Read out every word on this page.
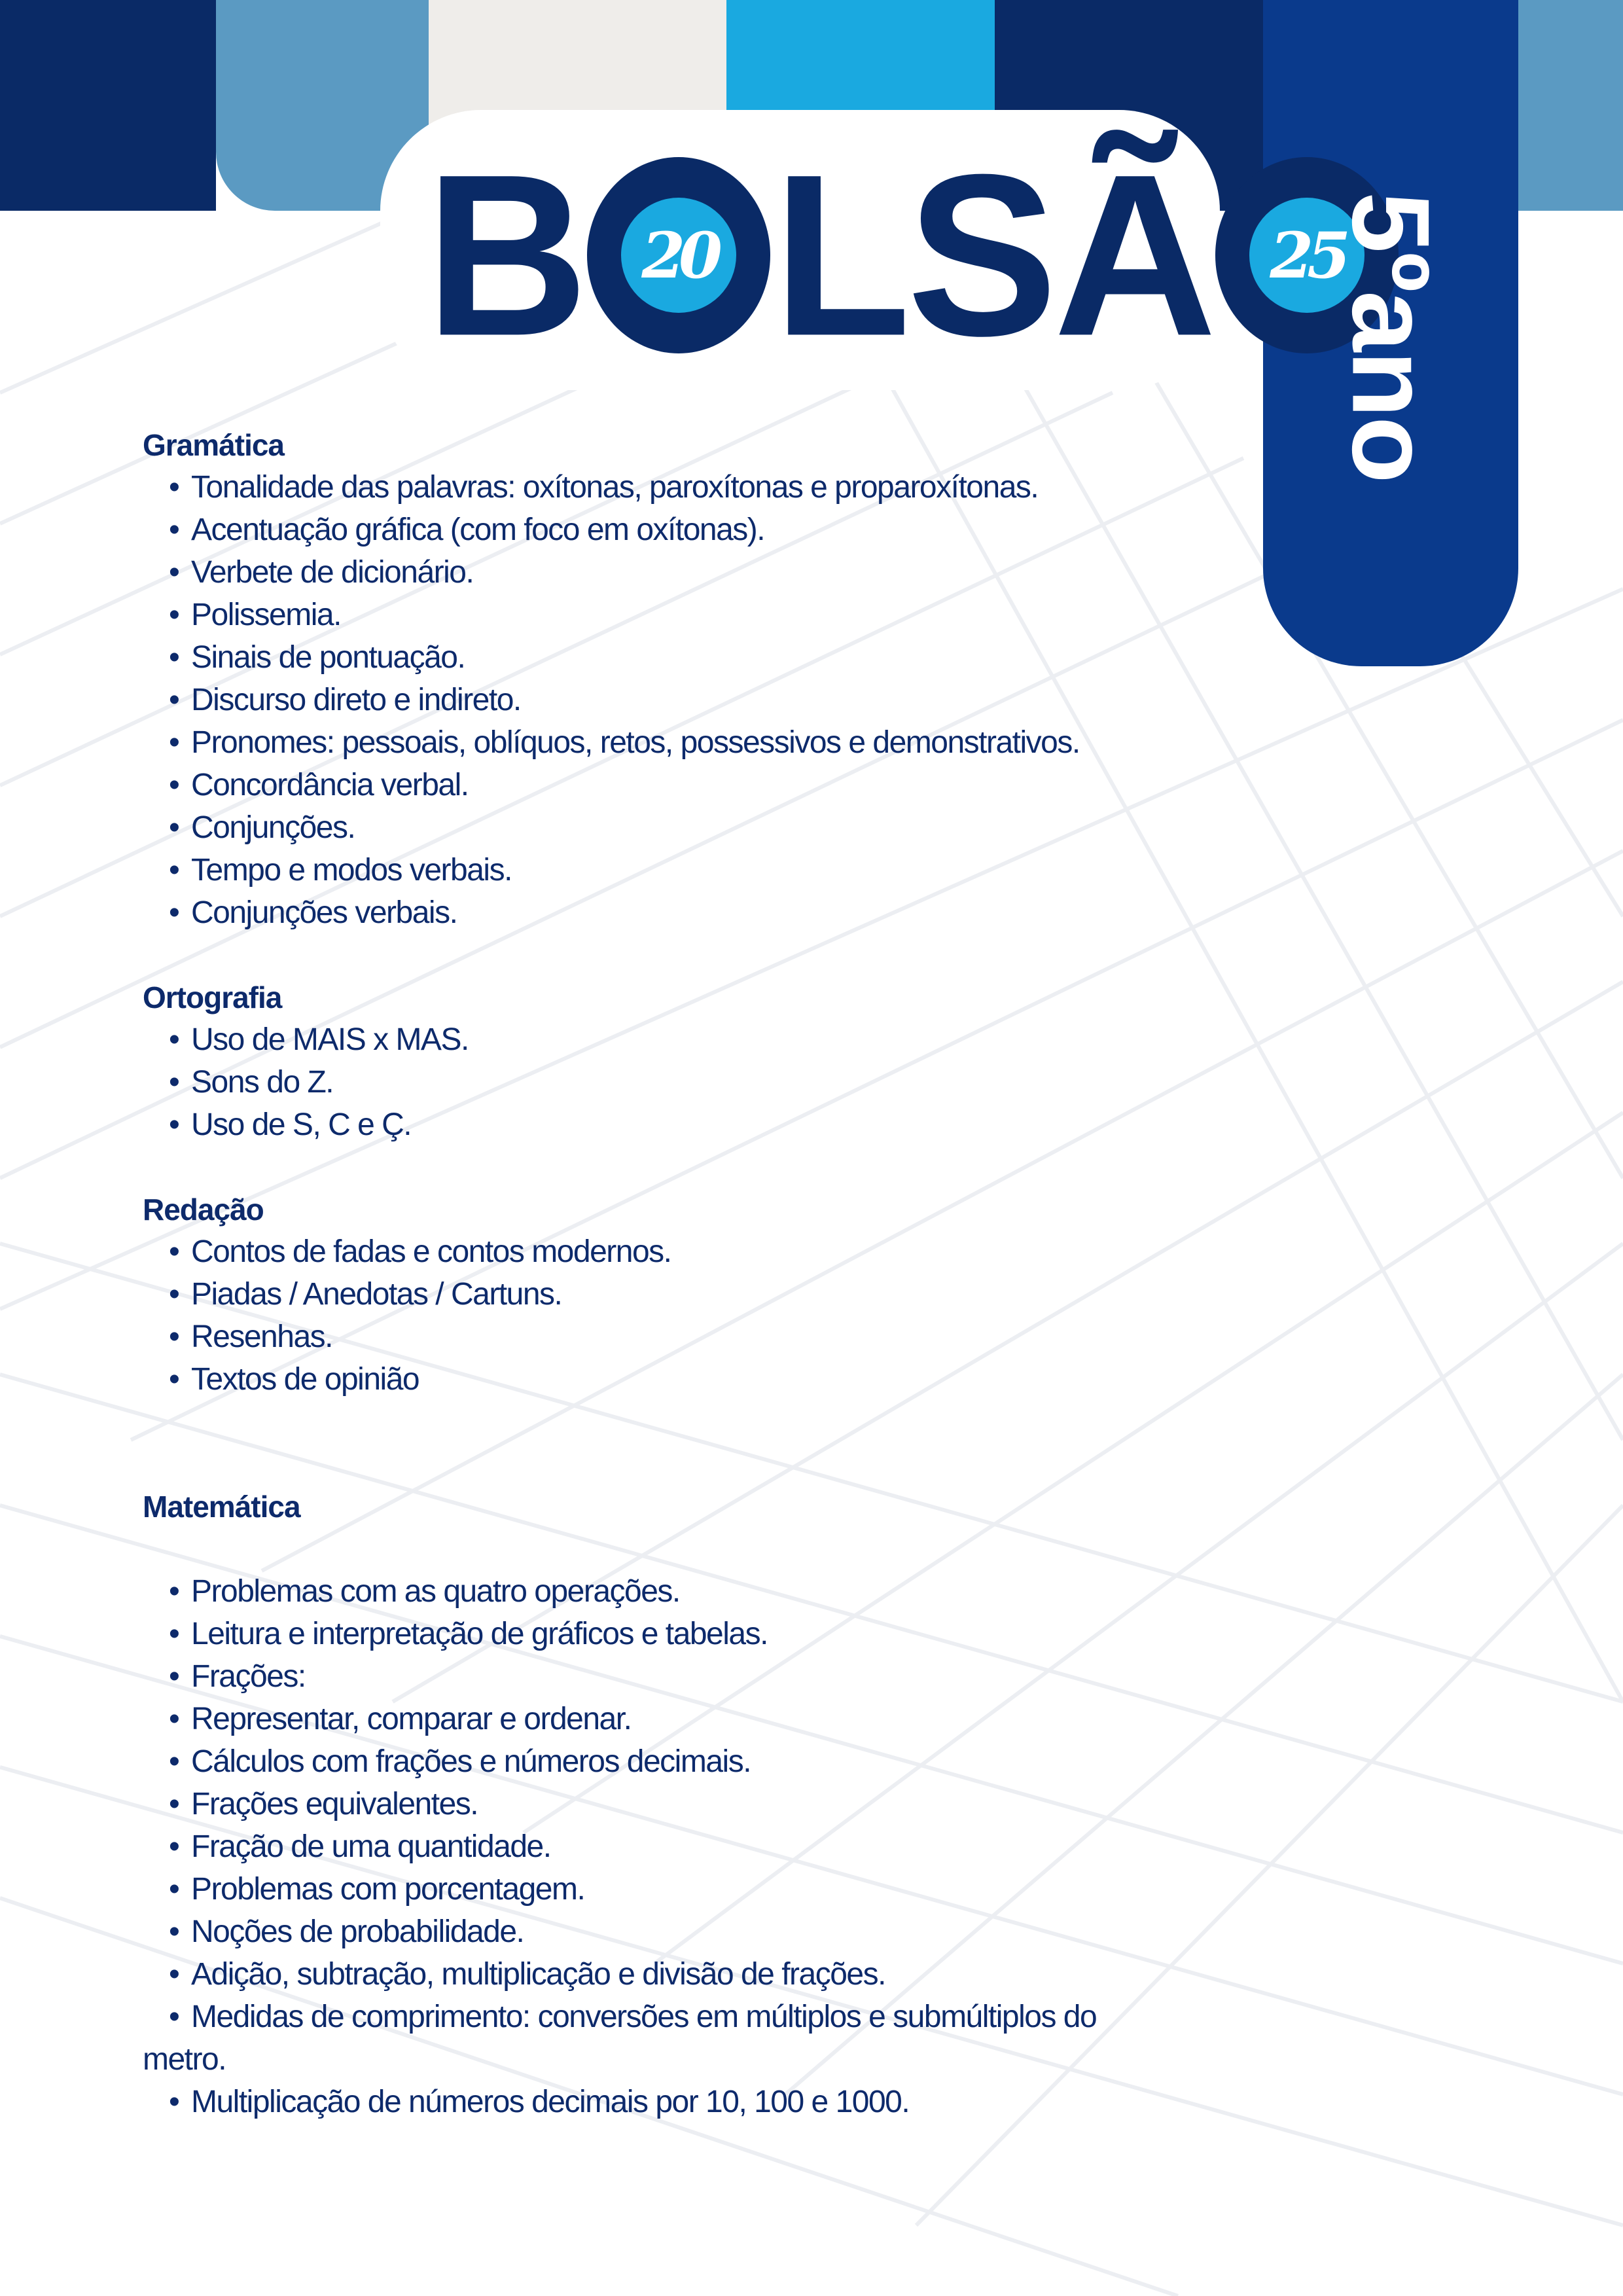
B 20 LS Ã 25
5ºano
Gramática
• Tonalidade das palavras: oxítonas, paroxítonas e proparoxítonas.
• Acentuação gráfica (com foco em oxítonas).
• Verbete de dicionário.
• Polissemia.
• Sinais de pontuação.
• Discurso direto e indireto.
• Pronomes: pessoais, oblíquos, retos, possessivos e demonstrativos.
• Concordância verbal.
• Conjunções.
• Tempo e modos verbais.
• Conjunções verbais.
Ortografia
• Uso de MAIS x MAS.
• Sons do Z.
• Uso de S, C e Ç.
Redação
• Contos de fadas e contos modernos.
• Piadas / Anedotas / Cartuns.
• Resenhas.
• Textos de opinião
Matemática
• Problemas com as quatro operações.
• Leitura e interpretação de gráficos e tabelas.
• Frações:
• Representar, comparar e ordenar.
• Cálculos com frações e números decimais.
• Frações equivalentes.
• Fração de uma quantidade.
• Problemas com porcentagem.
• Noções de probabilidade.
• Adição, subtração, multiplicação e divisão de frações.
• Medidas de comprimento: conversões em múltiplos e submúltiplos do
metro.
• Multiplicação de números decimais por 10, 100 e 1000.
